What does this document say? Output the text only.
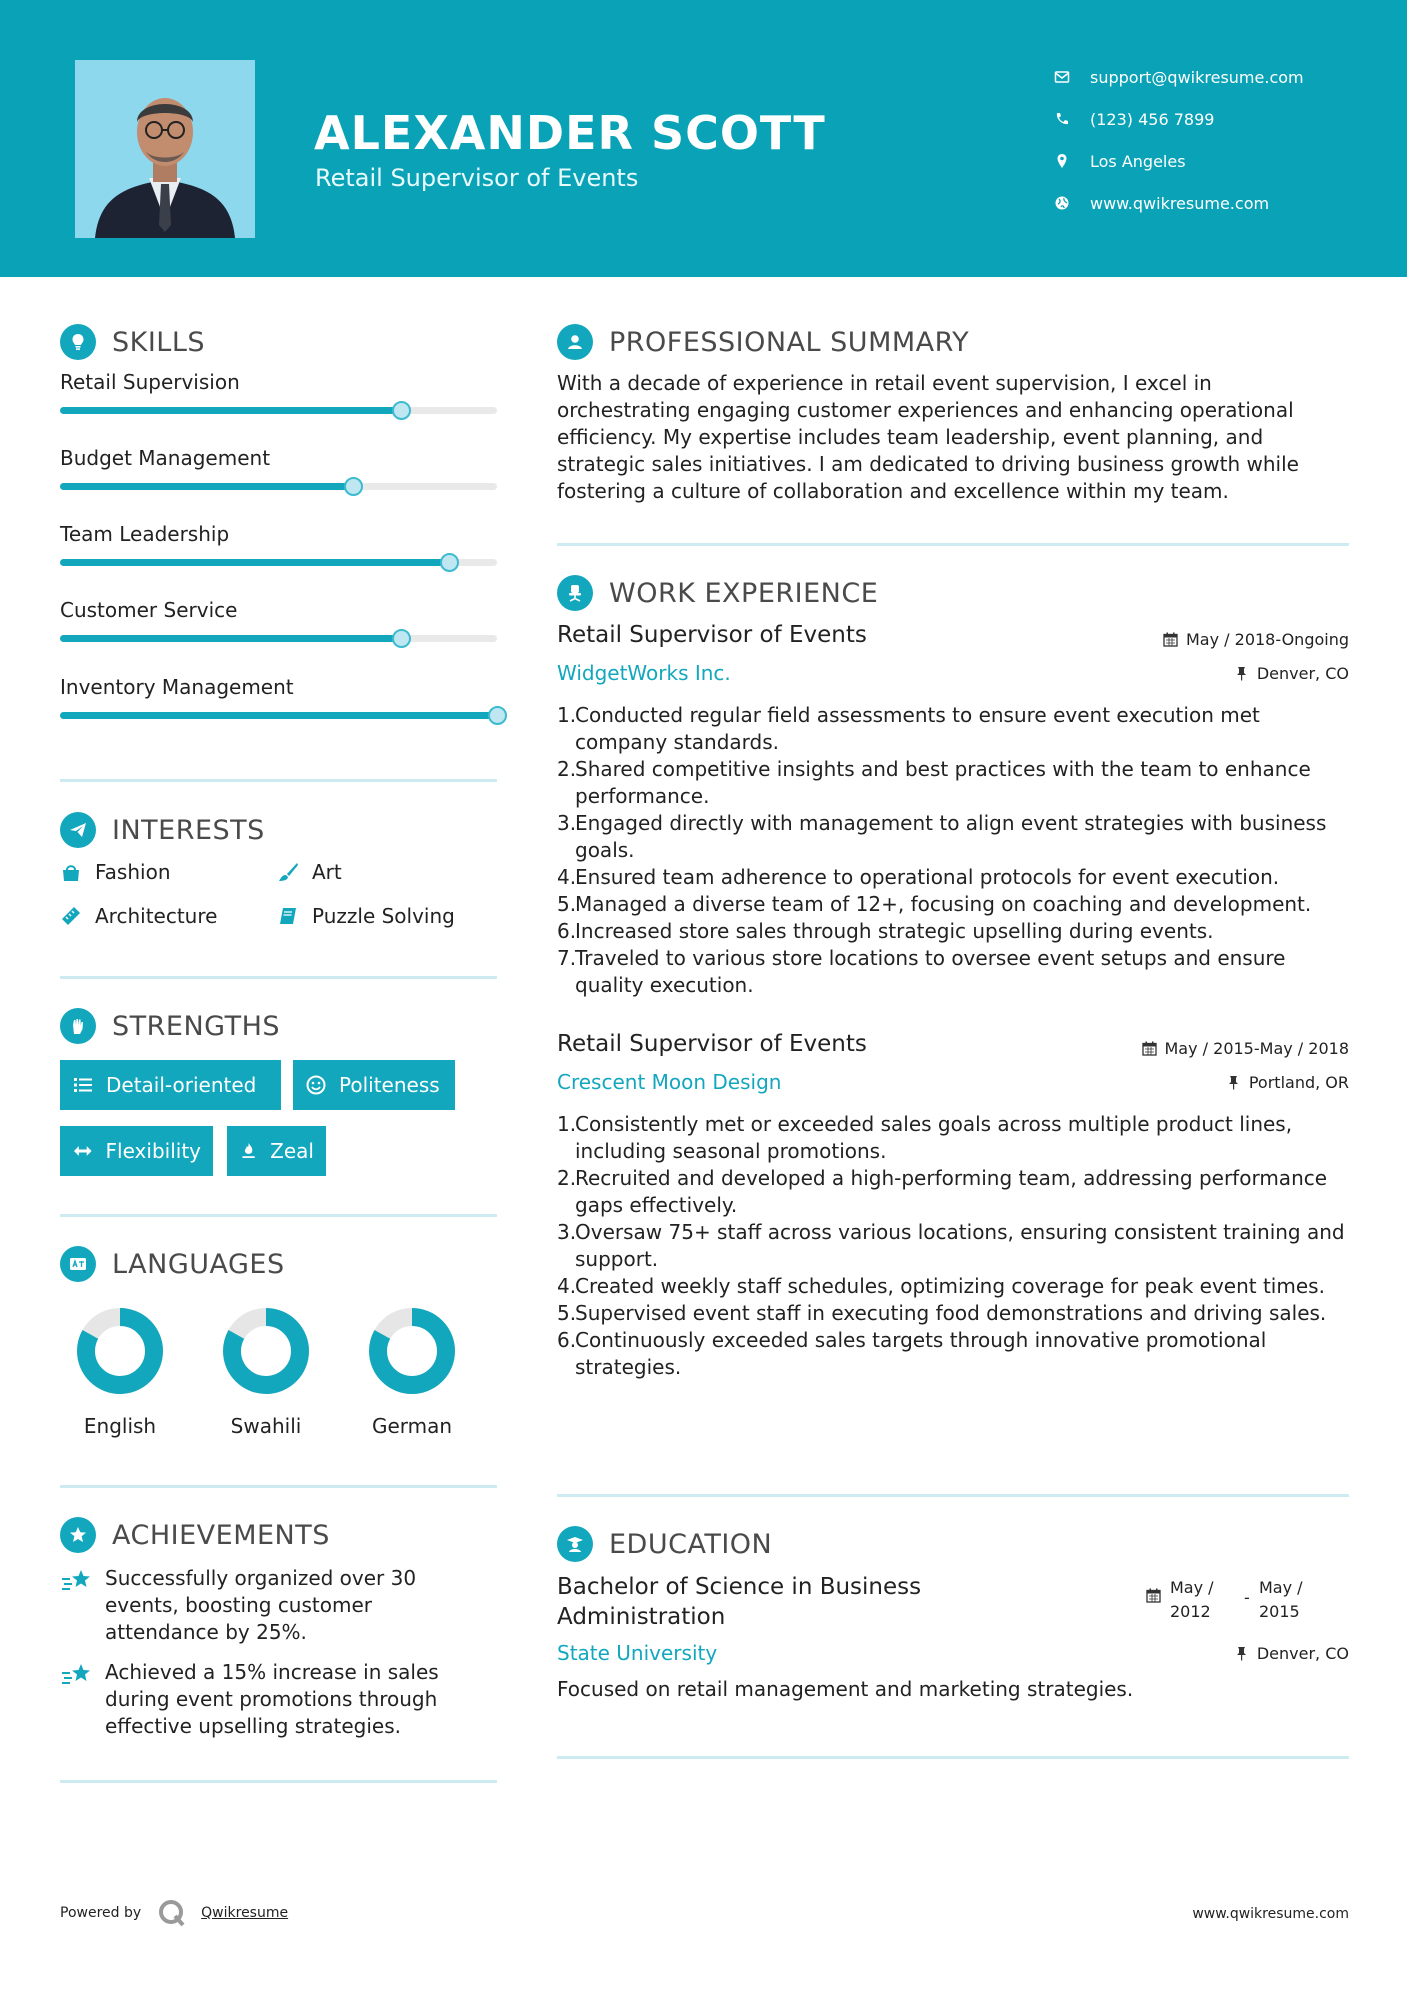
ALEXANDER SCOTT
Retail Supervisor of Events
support@qwikresume.com
(123) 456 7899
Los Angeles
www.qwikresume.com
SKILLS
Retail Supervision
Budget Management
Team Leadership
Customer Service
Inventory Management
INTERESTS
Fashion	Art
Architecture	Puzzle Solving
STRENGTHS
Detail-oriented	Politeness
Flexibility	Zeal
LANGUAGES
English	Swahili	German
ACHIEVEMENTS
Successfully organized over 30 events, boosting customer attendance by 25%.
Achieved a 15% increase in sales during event promotions through effective upselling strategies.
PROFESSIONAL SUMMARY
With a decade of experience in retail event supervision, I excel in orchestrating engaging customer experiences and enhancing operational efficiency. My expertise includes team leadership, event planning, and strategic sales initiatives. I am dedicated to driving business growth while fostering a culture of collaboration and excellence within my team.
WORK EXPERIENCE
Retail Supervisor of Events	May / 2018-Ongoing
WidgetWorks Inc.	Denver, CO
1.
Conducted regular field assessments to ensure event execution met company standards.
2.
Shared competitive insights and best practices with the team to enhance performance.
3.
Engaged directly with management to align event strategies with business goals.
4.
Ensured team adherence to operational protocols for event execution.
5.
Managed a diverse team of 12+, focusing on coaching and development.
6.
Increased store sales through strategic upselling during events.
7.
Traveled to various store locations to oversee event setups and ensure quality execution.
Retail Supervisor of Events	May / 2015-May / 2018
Crescent Moon Design	Portland, OR
1.
Consistently met or exceeded sales goals across multiple product lines, including seasonal promotions.
2.
Recruited and developed a high-performing team, addressing performance gaps effectively.
3.
Oversaw 75+ staff across various locations, ensuring consistent training and support.
4.
Created weekly staff schedules, optimizing coverage for peak event times.
5.
Supervised event staff in executing food demonstrations and driving sales.
6.
Continuously exceeded sales targets through innovative promotional strategies.
EDUCATION
Bachelor of Science in Business Administration
May / 2012
-
May / 2015
State University	Denver, CO
Focused on retail management and marketing strategies.
Powered by	Qwikresume	www.qwikresume.com
